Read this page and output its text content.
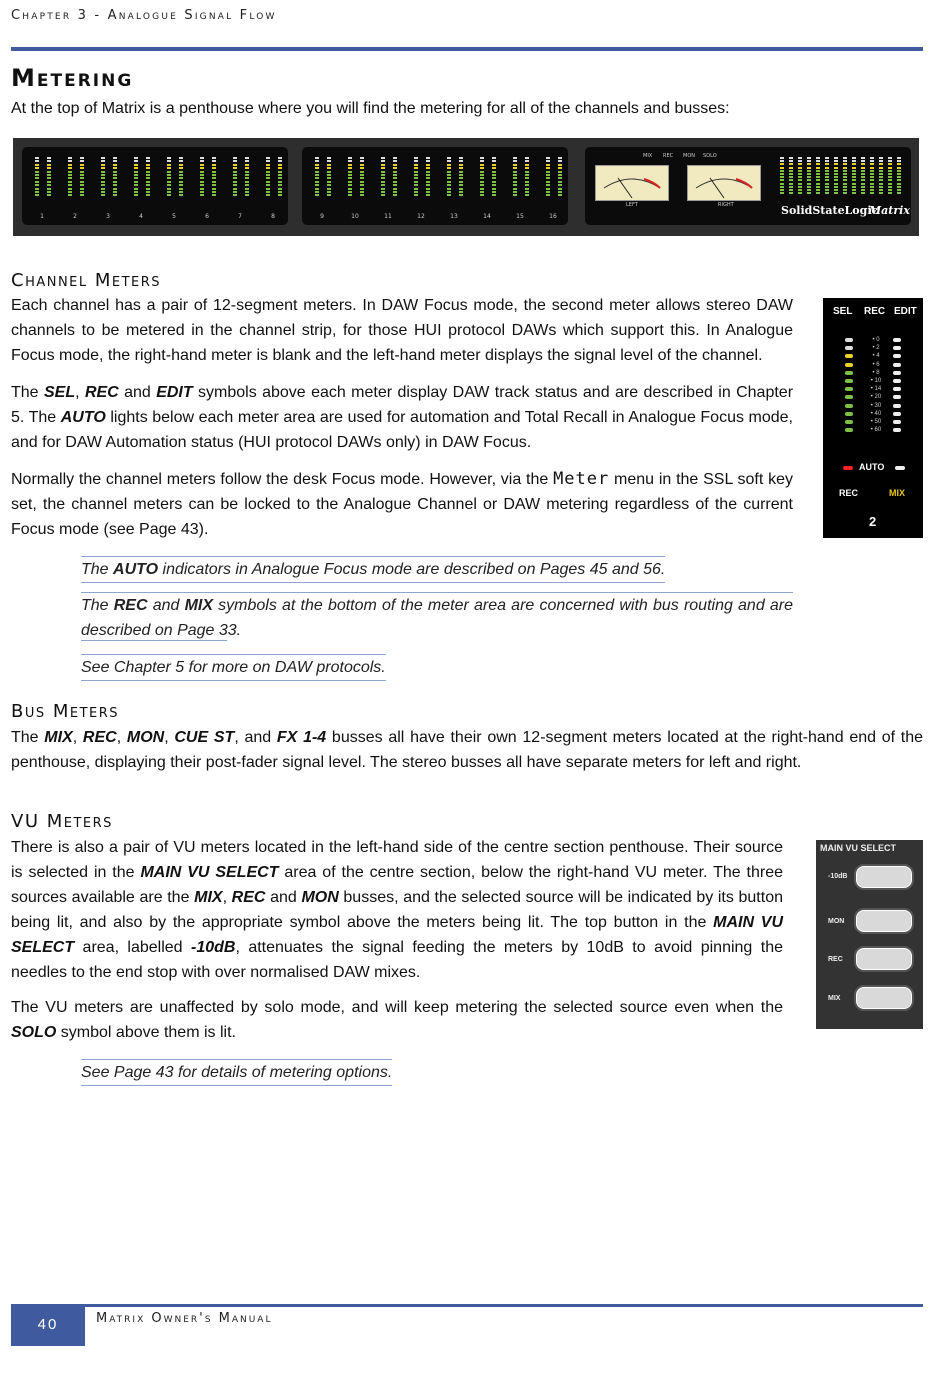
Chapter 3 - Analogue Signal Flow
Metering

At the top of Matrix is a penthouse where you will find the metering for all of the channels and busses:

1	2	3	4	5	6	7	8	9	10	11	12	13	14	15	16
MIX REC MON SOLO
LEFT	RIGHT	SolidStateLogic
Matrix
Channel Meters

Each channel has a pair of 12-segment meters. In DAW Focus mode, the second meter allows stereo DAW channels to be metered in the channel strip, for those HUI protocol DAWs which support this. In Analogue Focus mode, the right-hand meter is blank and the left-hand meter displays the signal level of the channel.

The SEL, REC and EDIT symbols above each meter display DAW track status and are described in Chapter 5. The AUTO lights below each meter area are used for automation and Total Recall in Analogue Focus mode, and for DAW Automation status (HUI protocol DAWs only) in DAW Focus.

Normally the channel meters follow the desk Focus mode. However, via the Meter menu in the SSL soft key set, the channel meters can be locked to the Analogue Channel or DAW metering regardless of the current Focus mode (see Page 43).

The AUTO indicators in Analogue Focus mode are described on Pages 45 and 56.
The REC and MIX symbols at the bottom of the meter area are concerned with bus routing and are described on Page 33.
See Chapter 5 for more on DAW protocols.
SEL REC EDIT
• 0
• 2
• 4
• 6
• 8
• 10
• 14
• 20
• 30
• 40
• 50
• 60
AUTO
REC	MIX
2
Bus Meters

The MIX, REC, MON, CUE ST, and FX 1-4 busses all have their own 12-segment meters located at the right-hand end of the penthouse, displaying their post-fader signal level. The stereo busses all have separate meters for left and right.

VU Meters

There is also a pair of VU meters located in the left-hand side of the centre section penthouse. Their source is selected in the MAIN VU SELECT area of the centre section, below the right-hand VU meter. The three sources available are the MIX, REC and MON busses, and the selected source will be indicated by its button being lit, and also by the appropriate symbol above the meters being lit. The top button in the MAIN VU SELECT area, labelled -10dB, attenuates the signal feeding the meters by 10dB to avoid pinning the needles to the end stop with over normalised DAW mixes.

The VU meters are unaffected by solo mode, and will keep metering the selected source even when the SOLO symbol above them is lit.

See Page 43 for details of metering options.
MAIN VU SELECT
-10dB
MON
REC
MIX
40	Matrix Owner's Manual
